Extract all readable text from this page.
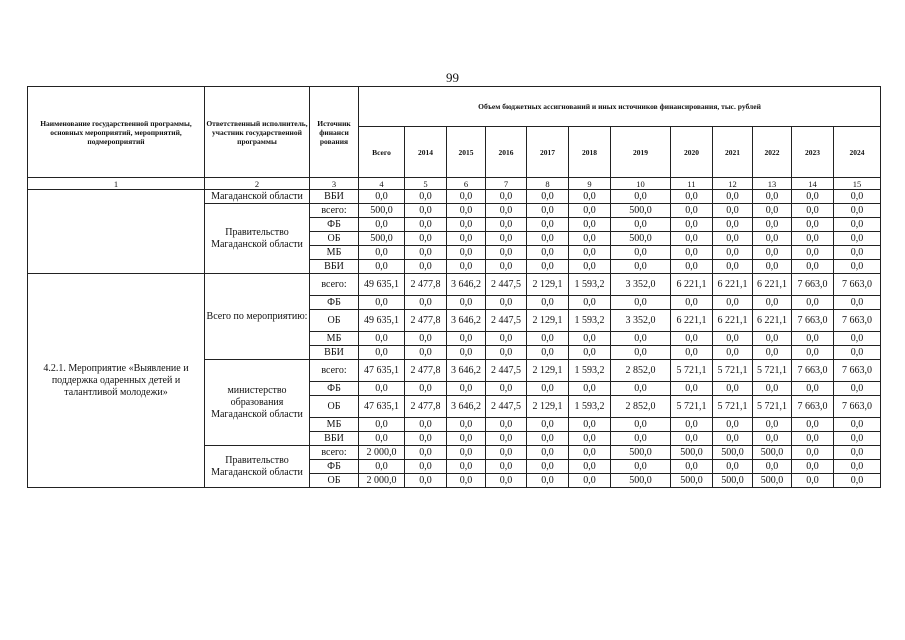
99
Наименование государственной программы, основных мероприятий, мероприятий, подмероприятий	Ответственный исполнитель, участник государственной программы	Источник финанси рования	Объем бюджетных ассигнований и иных источников финансирования, тыс. рублей											
			Всего	2014	2015	2016	2017	2018	2019	2020	2021	2022	2023	2024
1	2	3	4	5	6	7	8	9	10	11	12	13	14	15
	Магаданской области	ВБИ	0,0	0,0	0,0	0,0	0,0	0,0	0,0	0,0	0,0	0,0	0,0	0,0
	Правительство Магаданской области	всего:	500,0	0,0	0,0	0,0	0,0	0,0	500,0	0,0	0,0	0,0	0,0	0,0
		ФБ	0,0	0,0	0,0	0,0	0,0	0,0	0,0	0,0	0,0	0,0	0,0	0,0
		ОБ	500,0	0,0	0,0	0,0	0,0	0,0	500,0	0,0	0,0	0,0	0,0	0,0
		МБ	0,0	0,0	0,0	0,0	0,0	0,0	0,0	0,0	0,0	0,0	0,0	0,0
		ВБИ	0,0	0,0	0,0	0,0	0,0	0,0	0,0	0,0	0,0	0,0	0,0	0,0
4.2.1. Мероприятие «Выявление и поддержка одаренных детей и талантливой молодежи»	Всего по мероприятию:	всего:	49 635,1	2 477,8	3 646,2	2 447,5	2 129,1	1 593,2	3 352,0	6 221,1	6 221,1	6 221,1	7 663,0	7 663,0
		ФБ	0,0	0,0	0,0	0,0	0,0	0,0	0,0	0,0	0,0	0,0	0,0	0,0
		ОБ	49 635,1	2 477,8	3 646,2	2 447,5	2 129,1	1 593,2	3 352,0	6 221,1	6 221,1	6 221,1	7 663,0	7 663,0
		МБ	0,0	0,0	0,0	0,0	0,0	0,0	0,0	0,0	0,0	0,0	0,0	0,0
		ВБИ	0,0	0,0	0,0	0,0	0,0	0,0	0,0	0,0	0,0	0,0	0,0	0,0
	министерство образования Магаданской области	всего:	47 635,1	2 477,8	3 646,2	2 447,5	2 129,1	1 593,2	2 852,0	5 721,1	5 721,1	5 721,1	7 663,0	7 663,0
		ФБ	0,0	0,0	0,0	0,0	0,0	0,0	0,0	0,0	0,0	0,0	0,0	0,0
		ОБ	47 635,1	2 477,8	3 646,2	2 447,5	2 129,1	1 593,2	2 852,0	5 721,1	5 721,1	5 721,1	7 663,0	7 663,0
		МБ	0,0	0,0	0,0	0,0	0,0	0,0	0,0	0,0	0,0	0,0	0,0	0,0
		ВБИ	0,0	0,0	0,0	0,0	0,0	0,0	0,0	0,0	0,0	0,0	0,0	0,0
	Правительство Магаданской области	всего:	2 000,0	0,0	0,0	0,0	0,0	0,0	500,0	500,0	500,0	500,0	0,0	0,0
		ФБ	0,0	0,0	0,0	0,0	0,0	0,0	0,0	0,0	0,0	0,0	0,0	0,0
		ОБ	2 000,0	0,0	0,0	0,0	0,0	0,0	500,0	500,0	500,0	500,0	0,0	0,0
